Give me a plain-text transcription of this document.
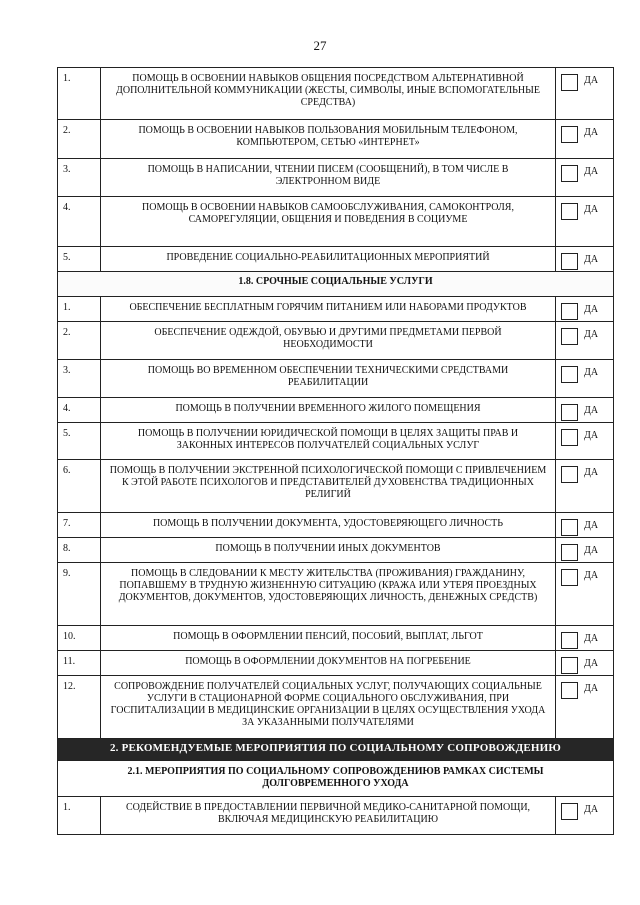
27
1.	ПОМОЩЬ В ОСВОЕНИИ НАВЫКОВ ОБЩЕНИЯ ПОСРЕДСТВОМ АЛЬТЕРНАТИВНОЙ ДОПОЛНИТЕЛЬНОЙ КОММУНИКАЦИИ (ЖЕСТЫ, СИМВОЛЫ, ИНЫЕ ВСПОМОГАТЕЛЬНЫЕ СРЕДСТВА)	ДА
2.	ПОМОЩЬ В ОСВОЕНИИ НАВЫКОВ ПОЛЬЗОВАНИЯ МОБИЛЬНЫМ ТЕЛЕФОНОМ, КОМПЬЮТЕРОМ, СЕТЬЮ «ИНТЕРНЕТ»	ДА
3.	ПОМОЩЬ В НАПИСАНИИ, ЧТЕНИИ ПИСЕМ (СООБЩЕНИЙ), В ТОМ ЧИСЛЕ В ЭЛЕКТРОННОМ ВИДЕ	ДА
4.	ПОМОЩЬ В ОСВОЕНИИ НАВЫКОВ САМООБСЛУЖИВАНИЯ, САМОКОНТРОЛЯ, САМОРЕГУЛЯЦИИ, ОБЩЕНИЯ И ПОВЕДЕНИЯ В СОЦИУМЕ	ДА
5.	ПРОВЕДЕНИЕ СОЦИАЛЬНО-РЕАБИЛИТАЦИОННЫХ МЕРОПРИЯТИЙ	ДА
1.8. СРОЧНЫЕ СОЦИАЛЬНЫЕ УСЛУГИ		
1.	ОБЕСПЕЧЕНИЕ БЕСПЛАТНЫМ ГОРЯЧИМ ПИТАНИЕМ ИЛИ НАБОРАМИ ПРОДУКТОВ	ДА
2.	ОБЕСПЕЧЕНИЕ ОДЕЖДОЙ, ОБУВЬЮ И ДРУГИМИ ПРЕДМЕТАМИ ПЕРВОЙ НЕОБХОДИМОСТИ	ДА
3.	ПОМОЩЬ ВО ВРЕМЕННОМ ОБЕСПЕЧЕНИИ ТЕХНИЧЕСКИМИ СРЕДСТВАМИ РЕАБИЛИТАЦИИ	ДА
4.	ПОМОЩЬ В ПОЛУЧЕНИИ ВРЕМЕННОГО ЖИЛОГО ПОМЕЩЕНИЯ	ДА
5.	ПОМОЩЬ В ПОЛУЧЕНИИ ЮРИДИЧЕСКОЙ ПОМОЩИ В ЦЕЛЯХ ЗАЩИТЫ ПРАВ И ЗАКОННЫХ ИНТЕРЕСОВ ПОЛУЧАТЕЛЕЙ СОЦИАЛЬНЫХ УСЛУГ	ДА
6.	ПОМОЩЬ В ПОЛУЧЕНИИ ЭКСТРЕННОЙ ПСИХОЛОГИЧЕСКОЙ ПОМОЩИ С ПРИВЛЕЧЕНИЕМ К ЭТОЙ РАБОТЕ ПСИХОЛОГОВ И ПРЕДСТАВИТЕЛЕЙ ДУХОВЕНСТВА ТРАДИЦИОННЫХ РЕЛИГИЙ	ДА
7.	ПОМОЩЬ В ПОЛУЧЕНИИ ДОКУМЕНТА, УДОСТОВЕРЯЮЩЕГО ЛИЧНОСТЬ	ДА
8.	ПОМОЩЬ В ПОЛУЧЕНИИ ИНЫХ ДОКУМЕНТОВ	ДА
9.	ПОМОЩЬ В СЛЕДОВАНИИ К МЕСТУ ЖИТЕЛЬСТВА (ПРОЖИВАНИЯ) ГРАЖДАНИНУ, ПОПАВШЕМУ В ТРУДНУЮ ЖИЗНЕННУЮ СИТУАЦИЮ (КРАЖА ИЛИ УТЕРЯ ПРОЕЗДНЫХ ДОКУМЕНТОВ, ДОКУМЕНТОВ, УДОСТОВЕРЯЮЩИХ ЛИЧНОСТЬ, ДЕНЕЖНЫХ СРЕДСТВ)	ДА
10.	ПОМОЩЬ В ОФОРМЛЕНИИ ПЕНСИЙ, ПОСОБИЙ, ВЫПЛАТ, ЛЬГОТ	ДА
11.	ПОМОЩЬ В ОФОРМЛЕНИИ ДОКУМЕНТОВ НА ПОГРЕБЕНИЕ	ДА
12.	СОПРОВОЖДЕНИЕ ПОЛУЧАТЕЛЕЙ СОЦИАЛЬНЫХ УСЛУГ, ПОЛУЧАЮЩИХ СОЦИАЛЬНЫЕ УСЛУГИ В СТАЦИОНАРНОЙ ФОРМЕ СОЦИАЛЬНОГО ОБСЛУЖИВАНИЯ, ПРИ ГОСПИТАЛИЗАЦИИ В МЕДИЦИНСКИЕ ОРГАНИЗАЦИИ В ЦЕЛЯХ ОСУЩЕСТВЛЕНИЯ УХОДА ЗА УКАЗАННЫМИ ПОЛУЧАТЕЛЯМИ	ДА
2. РЕКОМЕНДУЕМЫЕ МЕРОПРИЯТИЯ ПО СОЦИАЛЬНОМУ СОПРОВОЖДЕНИЮ		
2.1. МЕРОПРИЯТИЯ ПО СОЦИАЛЬНОМУ СОПРОВОЖДЕНИЮВ РАМКАХ СИСТЕМЫ ДОЛГОВРЕМЕННОГО УХОДА		
1.	СОДЕЙСТВИЕ В ПРЕДОСТАВЛЕНИИ ПЕРВИЧНОЙ МЕДИКО-САНИТАРНОЙ ПОМОЩИ, ВКЛЮЧАЯ МЕДИЦИНСКУЮ РЕАБИЛИТАЦИЮ	ДА
